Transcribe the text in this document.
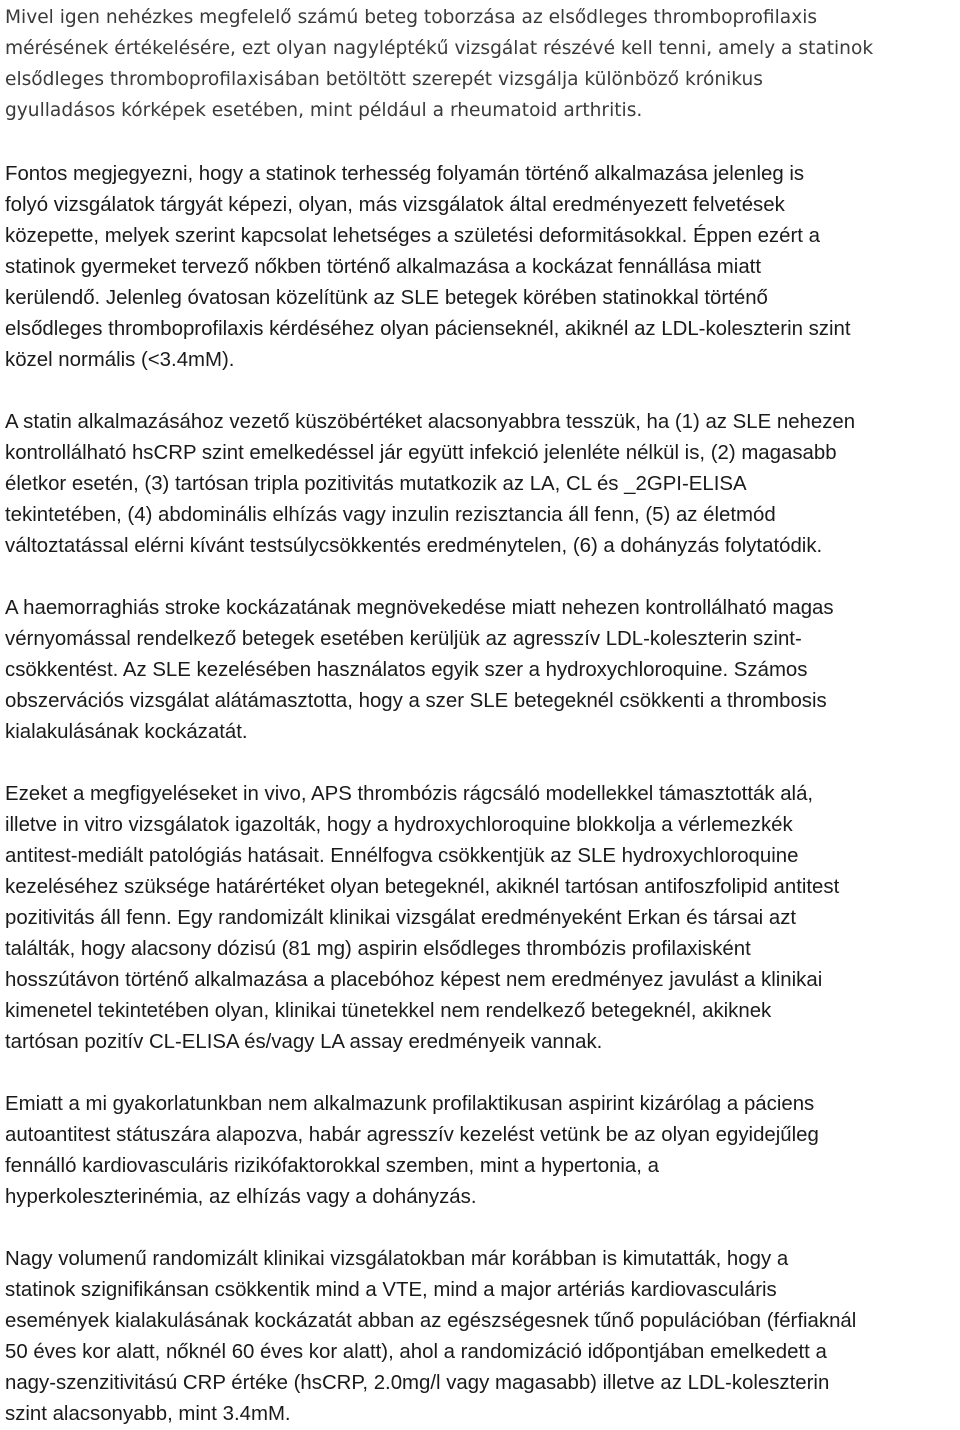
Mivel igen nehézkes megfelelő számú beteg toborzása az elsődleges thromboprofilaxis
mérésének értékelésére, ezt olyan nagyléptékű vizsgálat részévé kell tenni, amely a statinok
elsődleges thromboprofilaxisában betöltött szerepét vizsgálja különböző krónikus
gyulladásos kórképek esetében, mint például a rheumatoid arthritis.

Fontos megjegyezni, hogy a statinok terhesség folyamán történő alkalmazása jelenleg is
folyó vizsgálatok tárgyát képezi, olyan, más vizsgálatok által eredményezett felvetések
közepette, melyek szerint kapcsolat lehetséges a születési deformitásokkal. Éppen ezért a
statinok gyermeket tervező nőkben történő alkalmazása a kockázat fennállása miatt
kerülendő. Jelenleg óvatosan közelítünk az SLE betegek körében statinokkal történő
elsődleges thromboprofilaxis kérdéséhez olyan pácienseknél, akiknél az LDL-koleszterin szint
közel normális (<3.4mM).

A statin alkalmazásához vezető küszöbértéket alacsonyabbra tesszük, ha (1) az SLE nehezen
kontrollálható hsCRP szint emelkedéssel jár együtt infekció jelenléte nélkül is, (2) magasabb
életkor esetén, (3) tartósan tripla pozitivitás mutatkozik az LA, CL és _2GPI-ELISA
tekintetében, (4) abdominális elhízás vagy inzulin rezisztancia áll fenn, (5) az életmód
változtatással elérni kívánt testsúlycsökkentés eredménytelen, (6) a dohányzás folytatódik.

A haemorraghiás stroke kockázatának megnövekedése miatt nehezen kontrollálható magas
vérnyomással rendelkező betegek esetében kerüljük az agresszív LDL-koleszterin szint-
csökkentést. Az SLE kezelésében használatos egyik szer a hydroxychloroquine. Számos
obszervációs vizsgálat alátámasztotta, hogy a szer SLE betegeknél csökkenti a thrombosis
kialakulásának kockázatát.

Ezeket a megfigyeléseket in vivo, APS thrombózis rágcsáló modellekkel támasztották alá,
illetve in vitro vizsgálatok igazolták, hogy a hydroxychloroquine blokkolja a vérlemezkék
antitest-mediált patológiás hatásait. Ennélfogva csökkentjük az SLE hydroxychloroquine
kezeléséhez szüksége határértéket olyan betegeknél, akiknél tartósan antifoszfolipid antitest
pozitivitás áll fenn. Egy randomizált klinikai vizsgálat eredményeként Erkan és társai azt
találták, hogy alacsony dózisú (81 mg) aspirin elsődleges thrombózis profilaxisként
hosszútávon történő alkalmazása a placebóhoz képest nem eredményez javulást a klinikai
kimenetel tekintetében olyan, klinikai tünetekkel nem rendelkező betegeknél, akiknek
tartósan pozitív CL-ELISA és/vagy LA assay eredményeik vannak.

Emiatt a mi gyakorlatunkban nem alkalmazunk profilaktikusan aspirint kizárólag a páciens
autoantitest státuszára alapozva, habár agresszív kezelést vetünk be az olyan egyidejűleg
fennálló kardiovasculáris rizikófaktorokkal szemben, mint a hypertonia, a
hyperkoleszterinémia, az elhízás vagy a dohányzás.

Nagy volumenű randomizált klinikai vizsgálatokban már korábban is kimutatták, hogy a
statinok szignifikánsan csökkentik mind a VTE, mind a major artériás kardiovasculáris
események kialakulásának kockázatát abban az egészségesnek tűnő populációban (férfiaknál
50 éves kor alatt, nőknél 60 éves kor alatt), ahol a randomizáció időpontjában emelkedett a
nagy-szenzitivitású CRP értéke (hsCRP, 2.0mg/l vagy magasabb) illetve az LDL-koleszterin
szint alacsonyabb, mint 3.4mM.
